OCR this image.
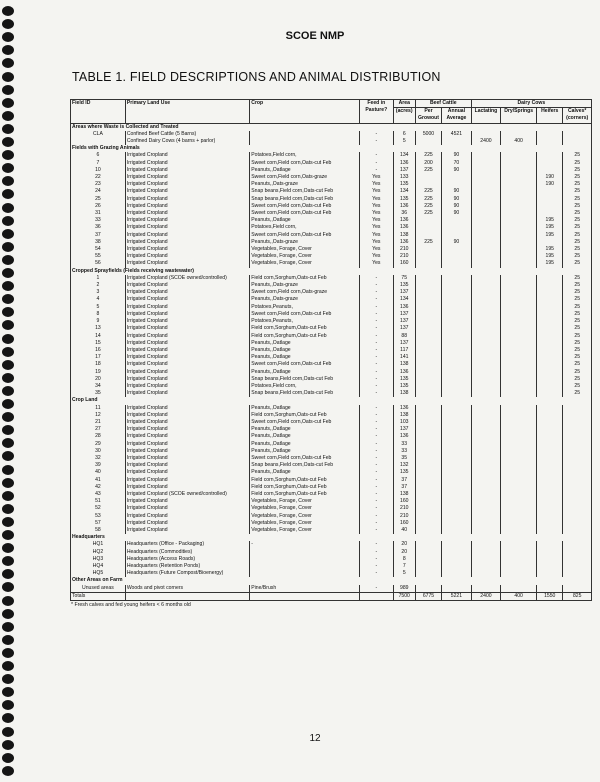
SCOE NMP
TABLE 1. FIELD DESCRIPTIONS AND ANIMAL DISTRIBUTION
Field ID	Primary Land Use	Crop	Feed in Pasture?	Area	Beef Cattle		Dairy Cows			
				(acres)	Per Growout	Annual Average	Lactating	Dry/Springs	Heifers	Calves* (corners)
Areas where Waste is Collected and Treated										
CLA	Confined Beef Cattle (5 Barns)		-	6	5000	4521				
	Confined Dairy Cows (4 barns + parlor)		-	5			2400	400		
Fields with Grazing Animals										
6	Irrigated Cropland	Potatoes,Field corn,	-	134	225	90				25
7	Irrigated Cropland	Sweet corn,Field corn,Oats-cut Feb	-	136	200	70				25
10	Irrigated Cropland	Peanuts,,Oatlage	-	137	225	90				25
22	Irrigated Cropland	Sweet corn,Field corn,Oats-graze	Yes	133					190	25
23	Irrigated Cropland	Peanuts,,Oats-graze	Yes	135					190	25
24	Irrigated Cropland	Snap beans,Field corn,Oats-cut Feb	Yes	134	225	90				25
25	Irrigated Cropland	Snap beans,Field corn,Oats-cut Feb	Yes	135	225	90				25
26	Irrigated Cropland	Sweet corn,Field corn,Oats-cut Feb	Yes	136	225	90				25
31	Irrigated Cropland	Sweet corn,Field corn,Oats-cut Feb	Yes	36	225	90				25
33	Irrigated Cropland	Peanuts,,Oatlage	Yes	136					195	25
36	Irrigated Cropland	Potatoes,Field corn,	Yes	136					195	25
37	Irrigated Cropland	Sweet corn,Field corn,Oats-cut Feb	Yes	138					195	25
38	Irrigated Cropland	Peanuts,,Oats-graze	Yes	136	225	90				25
54	Irrigated Cropland	Vegetables, Forage, Cover	Yes	210					195	25
55	Irrigated Cropland	Vegetables, Forage, Cover	Yes	210					195	25
56	Irrigated Cropland	Vegetables, Forage, Cover	Yes	160					195	25
Cropped Sprayfields (Fields receiving wastewater)										
1	Irrigated Cropland (SCOE owned/controlled)	Field corn,Sorghum,Oats-cut Feb	-	75						25
2	Irrigated Cropland	Peanuts,,Oats-graze	-	135						25
3	Irrigated Cropland	Sweet corn,Field corn,Oats-graze	-	137						25
4	Irrigated Cropland	Peanuts,,Oats-graze	-	134						25
5	Irrigated Cropland	Potatoes,Peanuts,	-	136						25
8	Irrigated Cropland	Sweet corn,Field corn,Oats-cut Feb	-	137						25
9	Irrigated Cropland	Potatoes,Peanuts,	-	137						25
13	Irrigated Cropland	Field corn,Sorghum,Oats-cut Feb	-	137						25
14	Irrigated Cropland	Field corn,Sorghum,Oats-cut Feb	-	88						25
15	Irrigated Cropland	Peanuts,,Oatlage	-	137						25
16	Irrigated Cropland	Peanuts,,Oatlage	-	117						25
17	Irrigated Cropland	Peanuts,,Oatlage	-	141						25
18	Irrigated Cropland	Sweet corn,Field corn,Oats-cut Feb	-	138						25
19	Irrigated Cropland	Peanuts,,Oatlage	-	136						25
20	Irrigated Cropland	Snap beans,Field corn,Oats-cut Feb	-	135						25
34	Irrigated Cropland	Potatoes,Field corn,	-	135						25
35	Irrigated Cropland	Snap beans,Field corn,Oats-cut Feb	-	138						25
Crop Land										
11	Irrigated Cropland	Peanuts,,Oatlage	-	136						
12	Irrigated Cropland	Field corn,Sorghum,Oats-cut Feb	-	138						
21	Irrigated Cropland	Sweet corn,Field corn,Oats-cut Feb	-	103						
27	Irrigated Cropland	Peanuts,,Oatlage	-	137						
28	Irrigated Cropland	Peanuts,,Oatlage	-	136						
29	Irrigated Cropland	Peanuts,,Oatlage	-	33						
30	Irrigated Cropland	Peanuts,,Oatlage	-	33						
32	Irrigated Cropland	Sweet corn,Field corn,Oats-cut Feb	-	35						
39	Irrigated Cropland	Snap beans,Field corn,Oats-cut Feb	-	132						
40	Irrigated Cropland	Peanuts,,Oatlage	-	135						
41	Irrigated Cropland	Field corn,Sorghum,Oats-cut Feb	-	37						
42	Irrigated Cropland	Field corn,Sorghum,Oats-cut Feb	-	37						
43	Irrigated Cropland (SCOE owned/controlled)	Field corn,Sorghum,Oats-cut Feb	-	138						
51	Irrigated Cropland	Vegetables, Forage, Cover	-	160						
52	Irrigated Cropland	Vegetables, Forage, Cover	-	210						
53	Irrigated Cropland	Vegetables, Forage, Cover	-	210						
57	Irrigated Cropland	Vegetables, Forage, Cover	-	160						
58	Irrigated Cropland	Vegetables, Forage, Cover	-	40						
Headquarters										
HQ1	Headquarters (Office - Packaging)	-	-	20						
HQ2	Headquarters (Commodities)		-	20						
HQ3	Headquarters (Access Roads)		-	8						
HQ4	Headquarters (Retention Ponds)		-	7						
HQ5	Headquarters (Future Compost/Bioenergy)		-	5						
Other Areas on Farm										
Unused areas	Woods and pivot corners	Pine/Brush	-	989						
Totals				7500	6775	5221	2400	400	1550	825
* Fresh calves and fed young heifers < 6 months old
12
